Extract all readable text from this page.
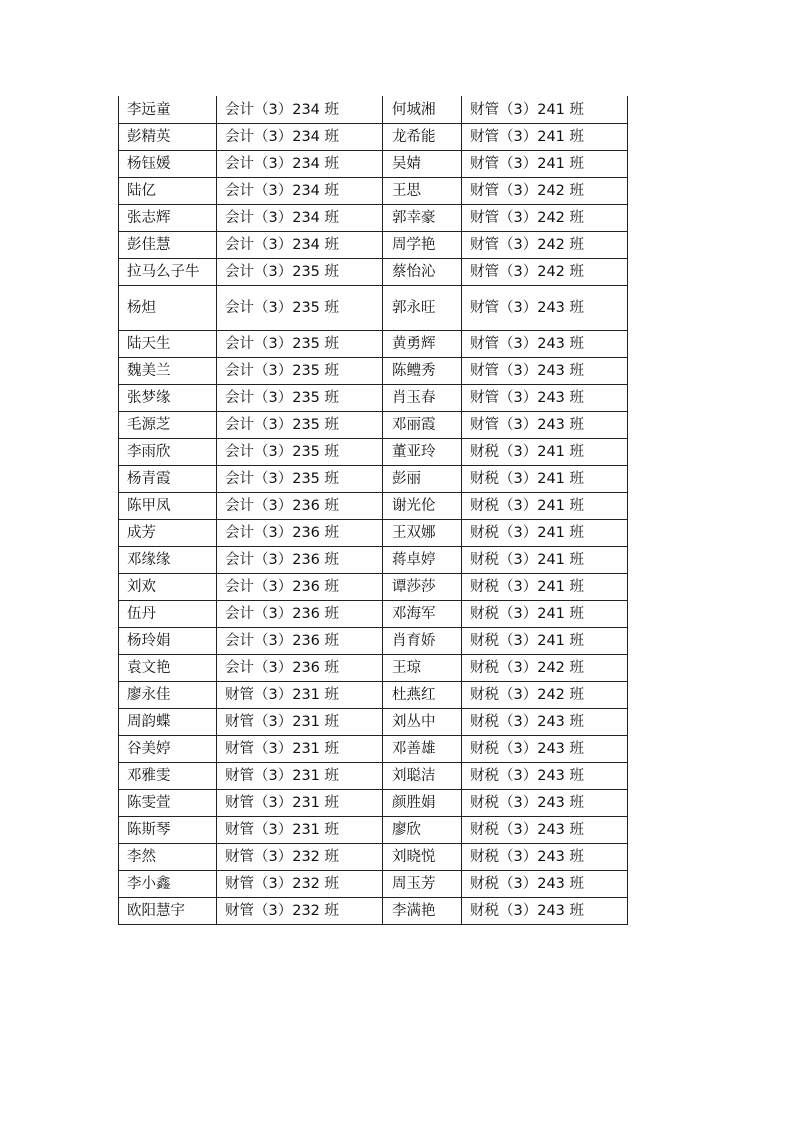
李远童	会计（3）234 班	何城湘	财管（3）241 班
彭精英	会计（3）234 班	龙希能	财管（3）241 班
杨钰媛	会计（3）234 班	吴婧	财管（3）241 班
陆亿	会计（3）234 班	王思	财管（3）242 班
张志辉	会计（3）234 班	郭幸豪	财管（3）242 班
彭佳慧	会计（3）234 班	周学艳	财管（3）242 班
拉马么子牛	会计（3）235 班	蔡怡沁	财管（3）242 班
杨炟	会计（3）235 班	郭永旺	财管（3）243 班
陆天生	会计（3）235 班	黄勇辉	财管（3）243 班
魏美兰	会计（3）235 班	陈鳢秀	财管（3）243 班
张梦缘	会计（3）235 班	肖玉春	财管（3）243 班
毛源芝	会计（3）235 班	邓丽霞	财管（3）243 班
李雨欣	会计（3）235 班	董亚玲	财税（3）241 班
杨青霞	会计（3）235 班	彭丽	财税（3）241 班
陈甲凤	会计（3）236 班	谢光伦	财税（3）241 班
成芳	会计（3）236 班	王双娜	财税（3）241 班
邓缘缘	会计（3）236 班	蒋卓婷	财税（3）241 班
刘欢	会计（3）236 班	谭莎莎	财税（3）241 班
伍丹	会计（3）236 班	邓海军	财税（3）241 班
杨玲娟	会计（3）236 班	肖育娇	财税（3）241 班
袁文艳	会计（3）236 班	王琼	财税（3）242 班
廖永佳	财管（3）231 班	杜燕红	财税（3）242 班
周韵蝶	财管（3）231 班	刘丛中	财税（3）243 班
谷美婷	财管（3）231 班	邓善雄	财税（3）243 班
邓雅雯	财管（3）231 班	刘聪洁	财税（3）243 班
陈雯萱	财管（3）231 班	颜胜娟	财税（3）243 班
陈斯琴	财管（3）231 班	廖欣	财税（3）243 班
李然	财管（3）232 班	刘晓悦	财税（3）243 班
李小鑫	财管（3）232 班	周玉芳	财税（3）243 班
欧阳慧宇	财管（3）232 班	李满艳	财税（3）243 班
